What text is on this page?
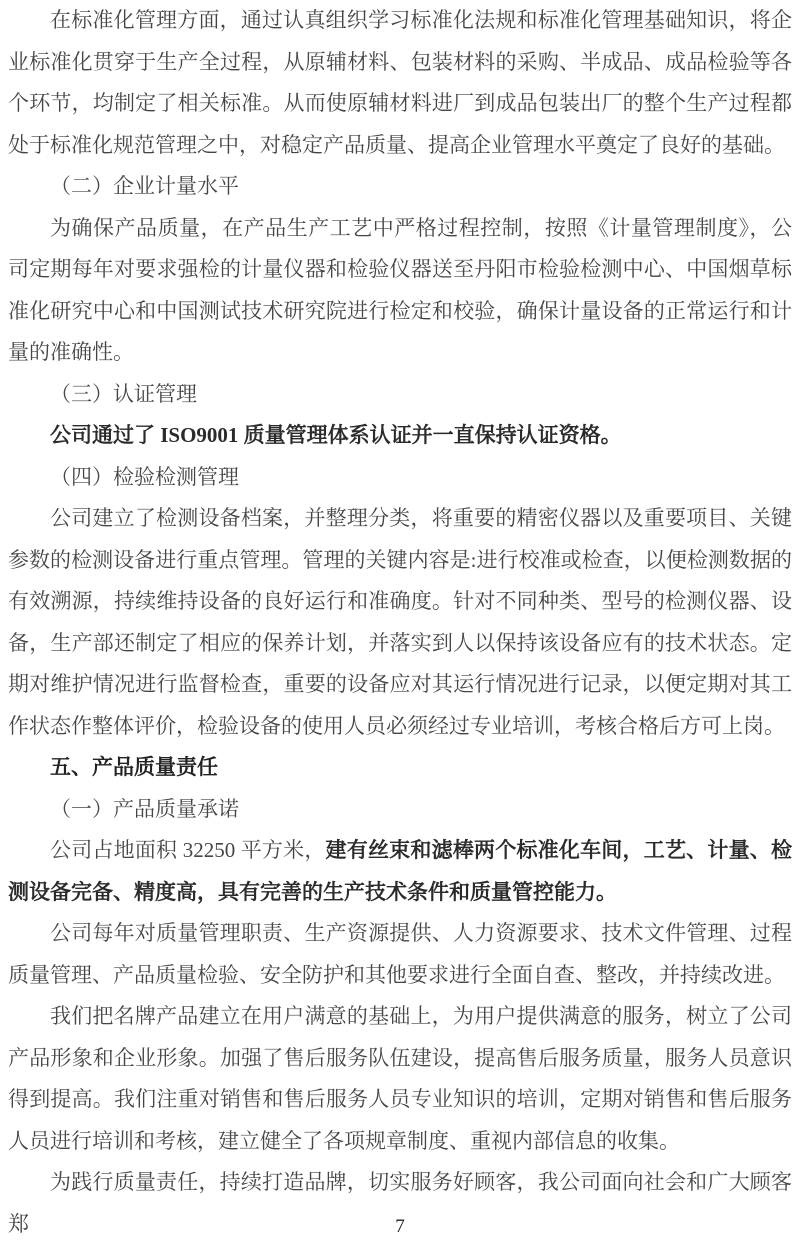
在标准化管理方面，通过认真组织学习标准化法规和标准化管理基础知识，将企业标准化贯穿于生产全过程，从原辅材料、包装材料的采购、半成品、成品检验等各个环节，均制定了相关标准。从而使原辅材料进厂到成品包装出厂的整个生产过程都处于标准化规范管理之中，对稳定产品质量、提高企业管理水平奠定了良好的基础。

（二）企业计量水平

为确保产品质量，在产品生产工艺中严格过程控制，按照《计量管理制度》，公司定期每年对要求强检的计量仪器和检验仪器送至丹阳市检验检测中心、中国烟草标准化研究中心和中国测试技术研究院进行检定和校验，确保计量设备的正常运行和计量的准确性。

（三）认证管理

公司通过了 ISO9001 质量管理体系认证并一直保持认证资格。

（四）检验检测管理

公司建立了检测设备档案，并整理分类，将重要的精密仪器以及重要项目、关键参数的检测设备进行重点管理。管理的关键内容是:进行校准或检查，以便检测数据的有效溯源，持续维持设备的良好运行和准确度。针对不同种类、型号的检测仪器、设备，生产部还制定了相应的保养计划，并落实到人以保持该设备应有的技术状态。定期对维护情况进行监督检查，重要的设备应对其运行情况进行记录，以便定期对其工作状态作整体评价，检验设备的使用人员必须经过专业培训，考核合格后方可上岗。

五、产品质量责任

（一）产品质量承诺

公司占地面积 32250 平方米，建有丝束和滤棒两个标准化车间，工艺、计量、检测设备完备、精度高，具有完善的生产技术条件和质量管控能力。

公司每年对质量管理职责、生产资源提供、人力资源要求、技术文件管理、过程质量管理、产品质量检验、安全防护和其他要求进行全面自查、整改，并持续改进。

我们把名牌产品建立在用户满意的基础上，为用户提供满意的服务，树立了公司产品形象和企业形象。加强了售后服务队伍建设，提高售后服务质量，服务人员意识得到提高。我们注重对销售和售后服务人员专业知识的培训，定期对销售和售后服务人员进行培训和考核，建立健全了各项规章制度、重视内部信息的收集。

为践行质量责任，持续打造品牌，切实服务好顾客，我公司面向社会和广大顾客郑	7
